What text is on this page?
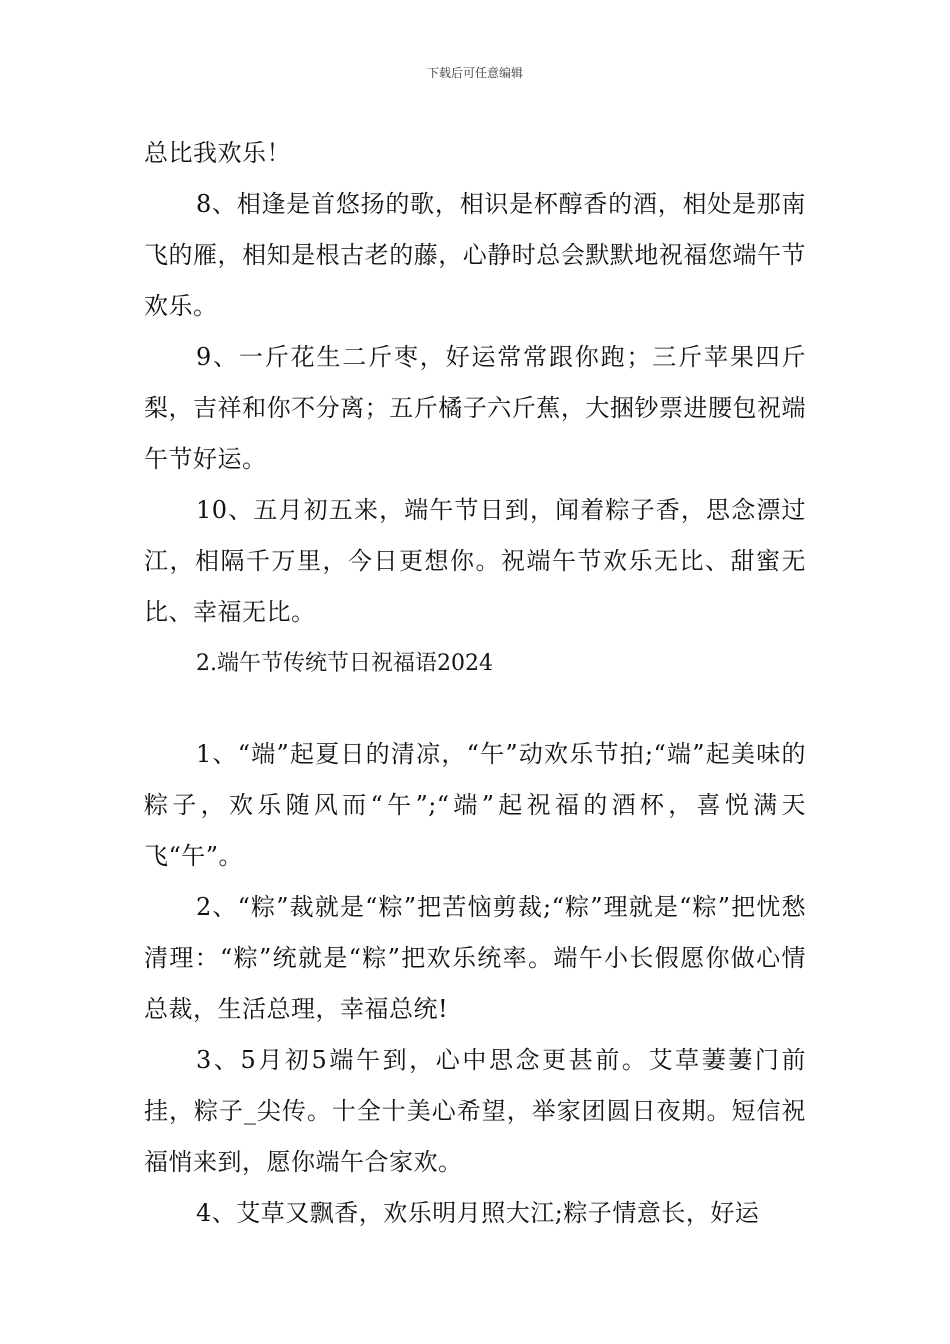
下载后可任意编辑

总比我欢乐！

8、相逢是首悠扬的歌，相识是杯醇香的酒，相处是那南飞的雁，相知是根古老的藤，心静时总会默默地祝福您端午节欢乐。

9、一斤花生二斤枣，好运常常跟你跑；三斤苹果四斤梨，吉祥和你不分离；五斤橘子六斤蕉，大捆钞票进腰包祝端午节好运。

10、五月初五来，端午节日到，闻着粽子香，思念漂过江，相隔千万里，今日更想你。祝端午节欢乐无比、甜蜜无比、幸福无比。

2.端午节传统节日祝福语2024

1、“端”起夏日的清凉，“午”动欢乐节拍;“端”起美味的粽子，欢乐随风而“午”;“端”起祝福的酒杯，喜悦满天飞“午”。

2、“粽”裁就是“粽”把苦恼剪裁;“粽”理就是“粽”把忧愁清理：“粽”统就是“粽”把欢乐统率。端午小长假愿你做心情总裁，生活总理，幸福总统!

3、5月初5端午到，心中思念更甚前。艾草萋萋门前挂，粽子_尖传。十全十美心希望，举家团圆日夜期。短信祝福悄来到，愿你端午合家欢。

4、艾草又飘香，欢乐明月照大江;粽子情意长，好运
